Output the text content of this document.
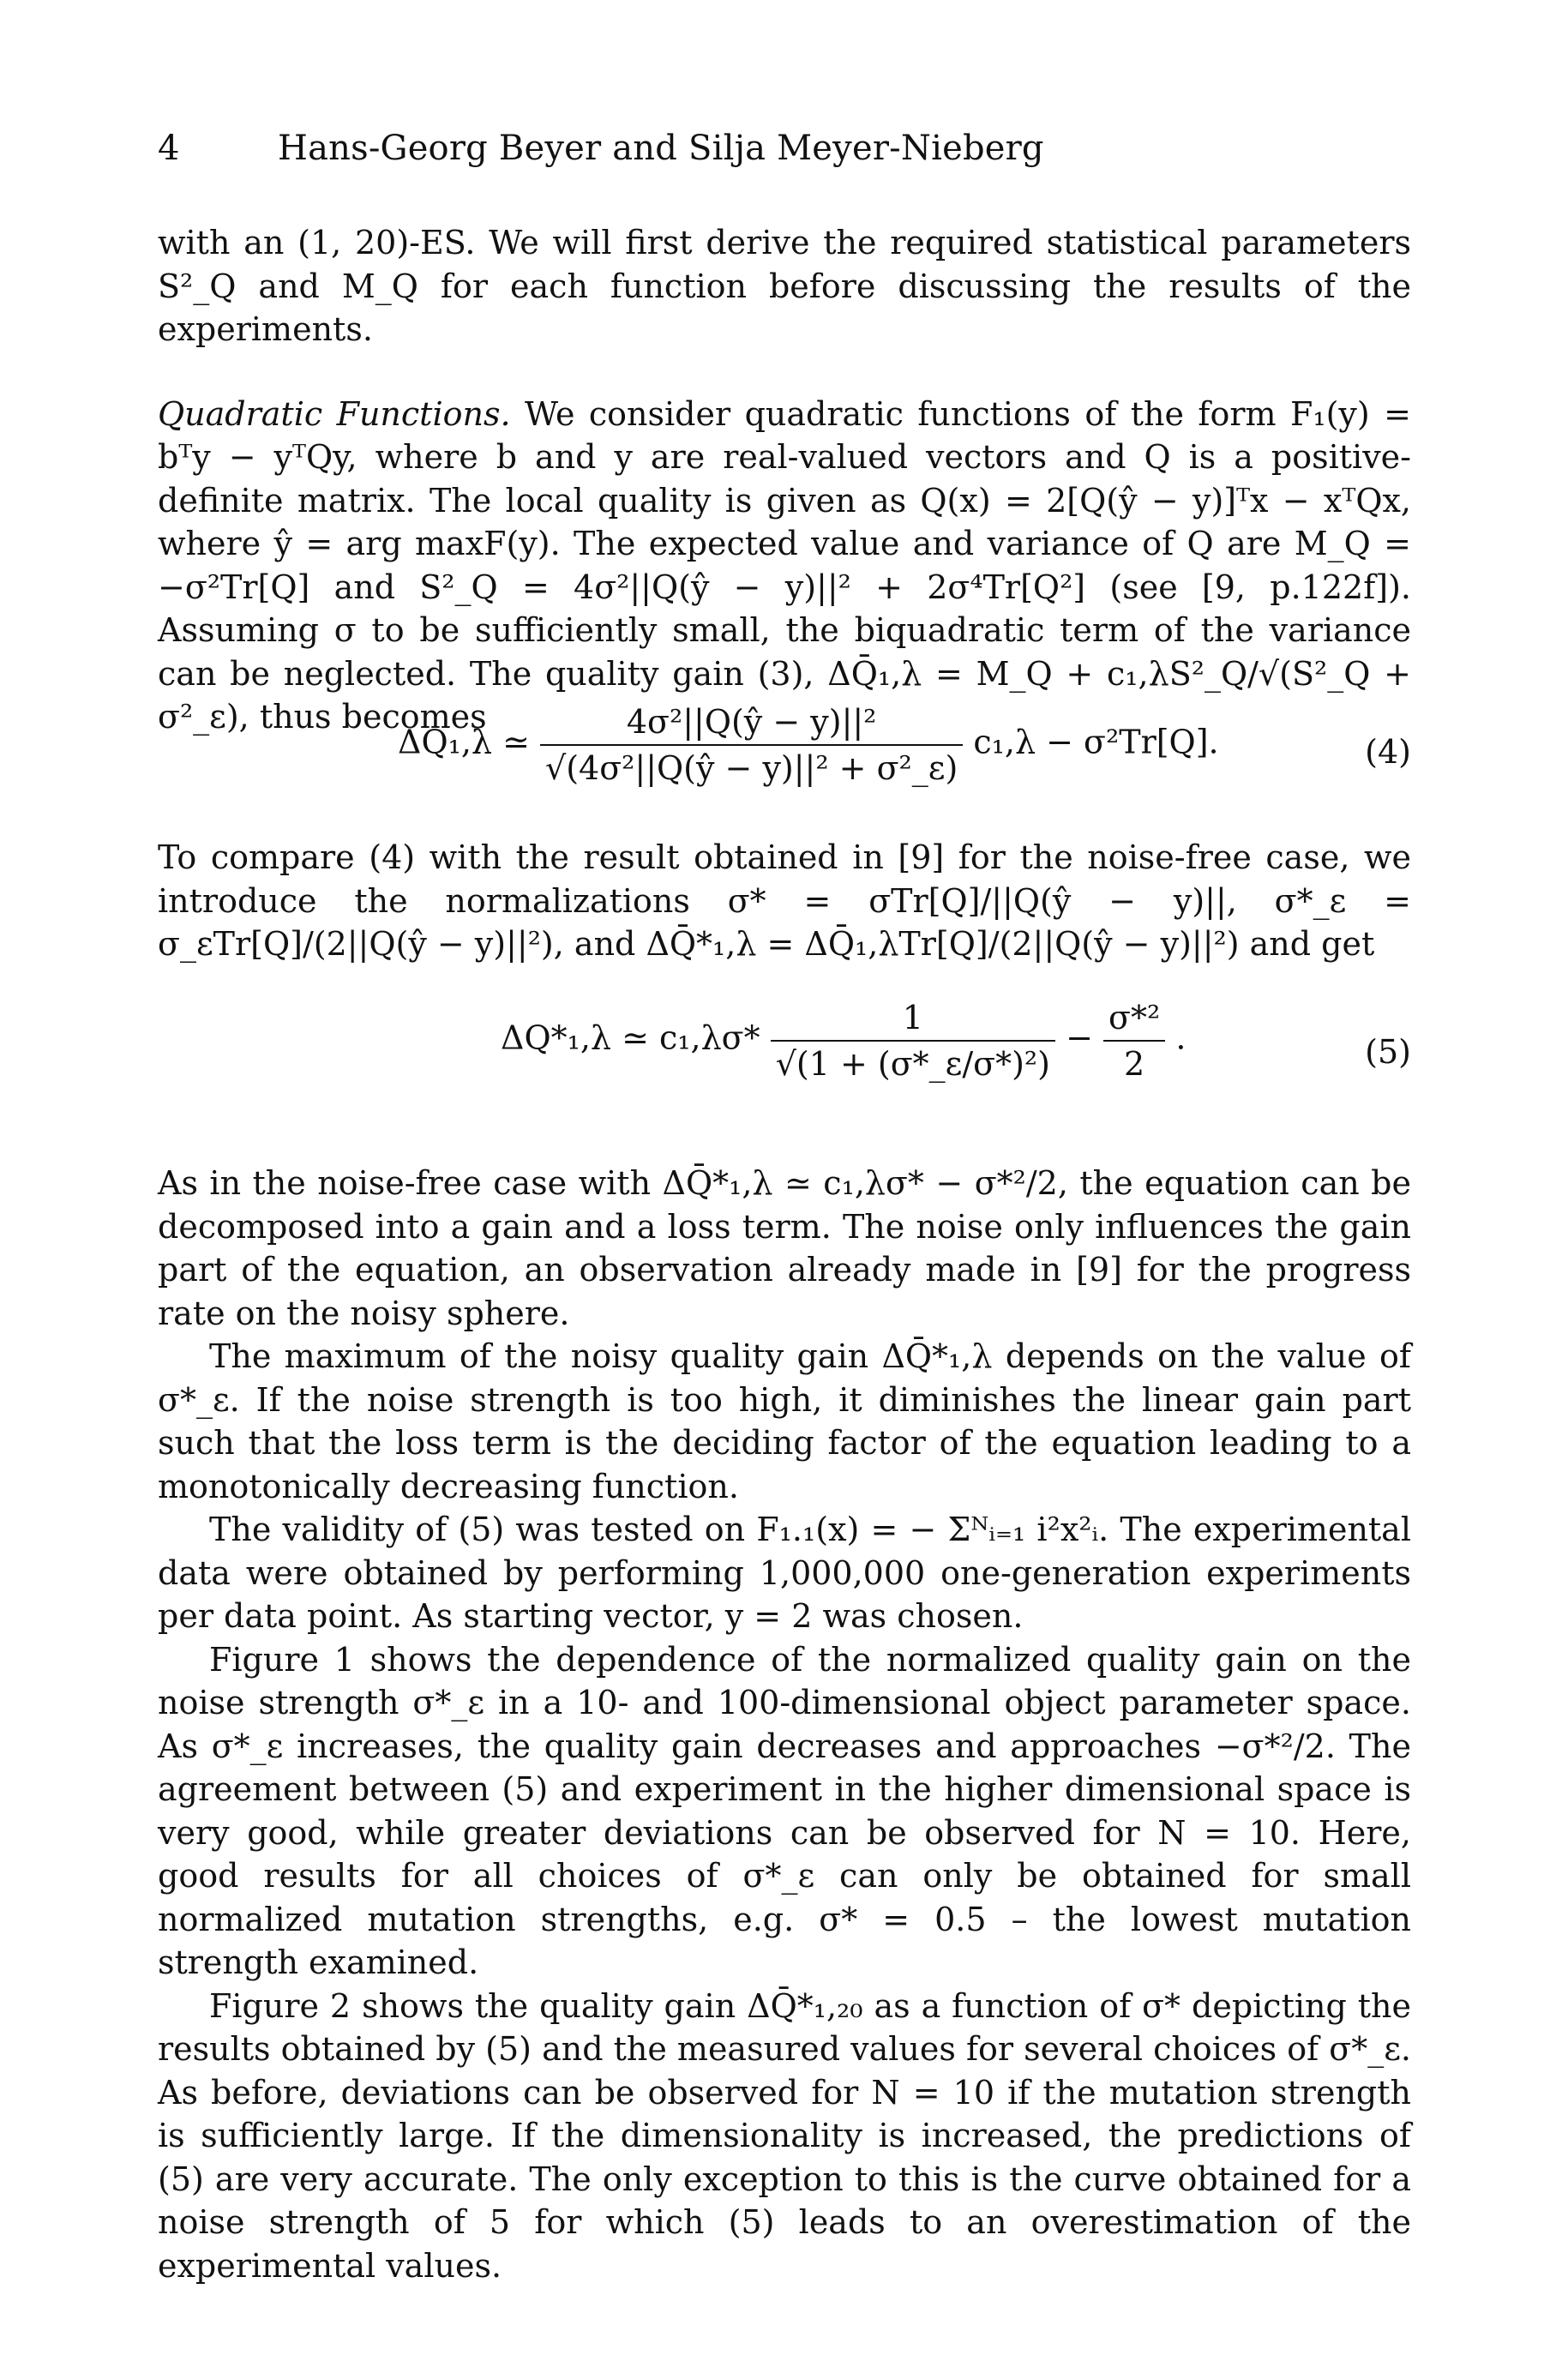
4	Hans-Georg Beyer and Silja Meyer-Nieberg

with an (1, 20)-ES. We will first derive the required statistical parameters S²_Q and M_Q for each function before discussing the results of the experiments.

Quadratic Functions. We consider quadratic functions of the form F₁(y) = bᵀy − yᵀQy, where b and y are real-valued vectors and Q is a positive-definite matrix. The local quality is given as Q(x) = 2[Q(ŷ − y)]ᵀx − xᵀQx, where ŷ = arg maxF(y). The expected value and variance of Q are M_Q = −σ²Tr[Q] and S²_Q = 4σ²||Q(ŷ − y)||² + 2σ⁴Tr[Q²] (see [9, p.122f]). Assuming σ to be sufficiently small, the biquadratic term of the variance can be neglected. The quality gain (3), ΔQ̄₁,λ = M_Q + c₁,λS²_Q/√(S²_Q + σ²_ε), thus becomes

ΔQ₁,λ ≃ $\frac{\text{4σ²||Q(ŷ − y)||²}}{\text{√(4σ²||Q(ŷ − y)||² + σ²\_ε)}} c_1,\lambda - \sigma^2Tr[Q]$.	(4)

To compare (4) with the result obtained in [9] for the noise-free case, we introduce the normalizations σ* = σTr[Q]/||Q(ŷ − y)||, σ*_ε = σ_εTr[Q]/(2||Q(ŷ − y)||²), and ΔQ̄*₁,λ = ΔQ̄₁,λTr[Q]/(2||Q(ŷ − y)||²) and get

ΔQ*₁,λ ≃ $c_1,\lambda\sigma* \frac{1}{\text{√(1 + (σ*\_ε/σ*)²)}} - \frac{\text{σ*²}}{2}$ .	(5)

As in the noise-free case with ΔQ̄*₁,λ ≃ c₁,λσ* − σ*²/2, the equation can be decomposed into a gain and a loss term. The noise only influences the gain part of the equation, an observation already made in [9] for the progress rate on the noisy sphere.

The maximum of the noisy quality gain ΔQ̄*₁,λ depends on the value of σ*_ε. If the noise strength is too high, it diminishes the linear gain part such that the loss term is the deciding factor of the equation leading to a monotonically decreasing function.

The validity of (5) was tested on F₁.₁(x) = − Σᴺᵢ₌₁ i²x²ᵢ. The experimental data were obtained by performing 1,000,000 one-generation experiments per data point. As starting vector, y = 2 was chosen.

Figure 1 shows the dependence of the normalized quality gain on the noise strength σ*_ε in a 10- and 100-dimensional object parameter space. As σ*_ε increases, the quality gain decreases and approaches −σ*²/2. The agreement between (5) and experiment in the higher dimensional space is very good, while greater deviations can be observed for N = 10. Here, good results for all choices of σ*_ε can only be obtained for small normalized mutation strengths, e.g. σ* = 0.5 – the lowest mutation strength examined.

Figure 2 shows the quality gain ΔQ̄*₁,₂₀ as a function of σ* depicting the results obtained by (5) and the measured values for several choices of σ*_ε. As before, deviations can be observed for N = 10 if the mutation strength is sufficiently large. If the dimensionality is increased, the predictions of (5) are very accurate. The only exception to this is the curve obtained for a noise strength of 5 for which (5) leads to an overestimation of the experimental values.
